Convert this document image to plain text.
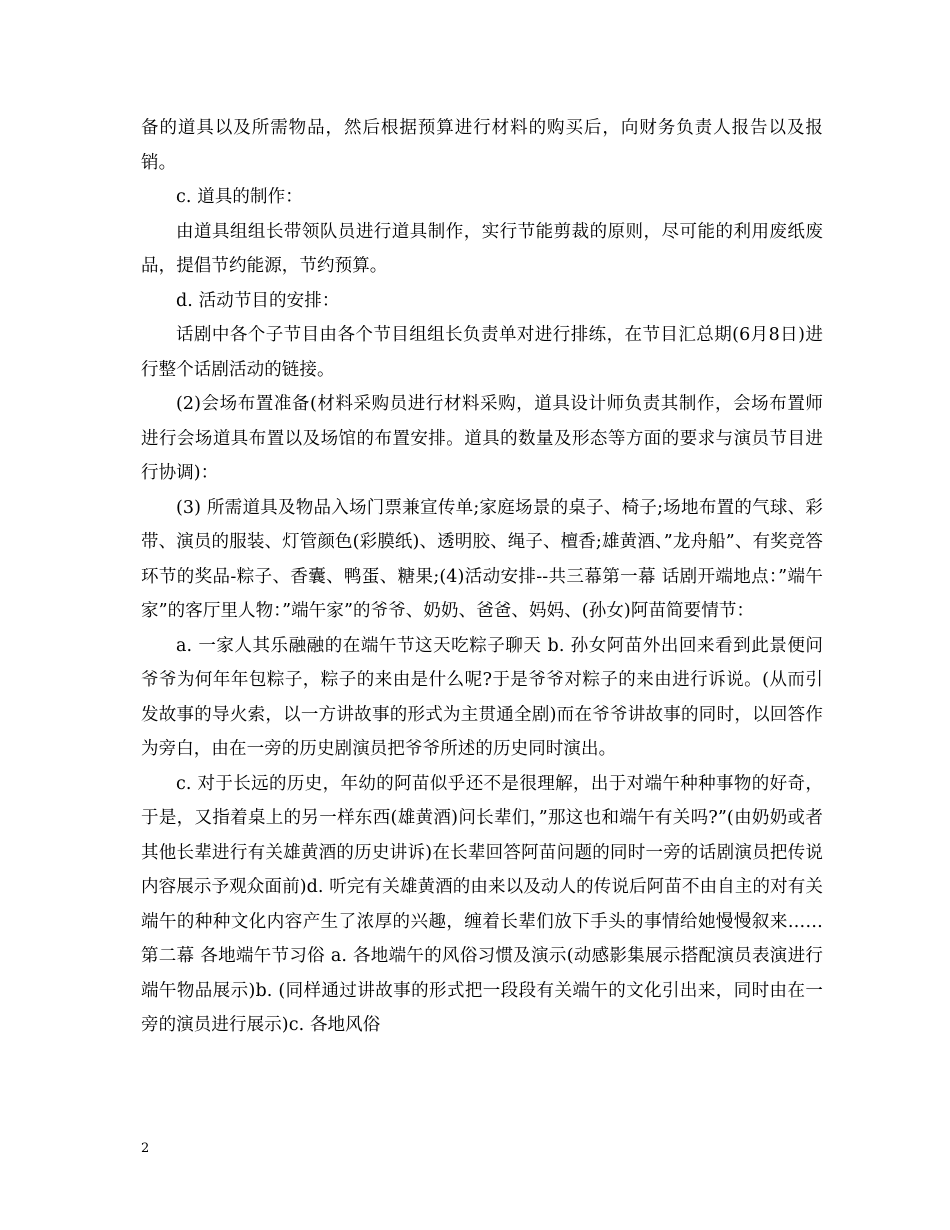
备的道具以及所需物品，然后根据预算进行材料的购买后，向财务负责人报告以及报销。

c. 道具的制作：

由道具组组长带领队员进行道具制作，实行节能剪裁的原则，尽可能的利用废纸废品，提倡节约能源，节约预算。

d. 活动节目的安排：

话剧中各个子节目由各个节目组组长负责单对进行排练，在节目汇总期(6月8日)进行整个话剧活动的链接。

(2)会场布置准备(材料采购员进行材料采购，道具设计师负责其制作，会场布置师进行会场道具布置以及场馆的布置安排。道具的数量及形态等方面的要求与演员节目进行协调)：

(3) 所需道具及物品入场门票兼宣传单;家庭场景的桌子、椅子;场地布置的气球、彩带、演员的服装、灯管颜色(彩膜纸)、透明胶、绳子、檀香;雄黄酒、”龙舟船”、有奖竞答环节的奖品-粽子、香囊、鸭蛋、糖果;(4)活动安排--共三幕第一幕 话剧开端地点：”端午家”的客厅里人物：”端午家”的爷爷、奶奶、爸爸、妈妈、(孙女)阿苗简要情节：

a. 一家人其乐融融的在端午节这天吃粽子聊天 b. 孙女阿苗外出回来看到此景便问爷爷为何年年包粽子，粽子的来由是什么呢?于是爷爷对粽子的来由进行诉说。(从而引发故事的导火索，以一方讲故事的形式为主贯通全剧)而在爷爷讲故事的同时，以回答作为旁白，由在一旁的历史剧演员把爷爷所述的历史同时演出。

c. 对于长远的历史，年幼的阿苗似乎还不是很理解，出于对端午种种事物的好奇，于是，又指着桌上的另一样东西(雄黄酒)问长辈们，”那这也和端午有关吗?”(由奶奶或者其他长辈进行有关雄黄酒的历史讲诉)在长辈回答阿苗问题的同时一旁的话剧演员把传说内容展示予观众面前)d. 听完有关雄黄酒的由来以及动人的传说后阿苗不由自主的对有关端午的种种文化内容产生了浓厚的兴趣，缠着长辈们放下手头的事情给她慢慢叙来……第二幕 各地端午节习俗 a. 各地端午的风俗习惯及演示(动感影集展示搭配演员表演进行端午物品展示)b. (同样通过讲故事的形式把一段段有关端午的文化引出来，同时由在一旁的演员进行展示)c. 各地风俗

2
